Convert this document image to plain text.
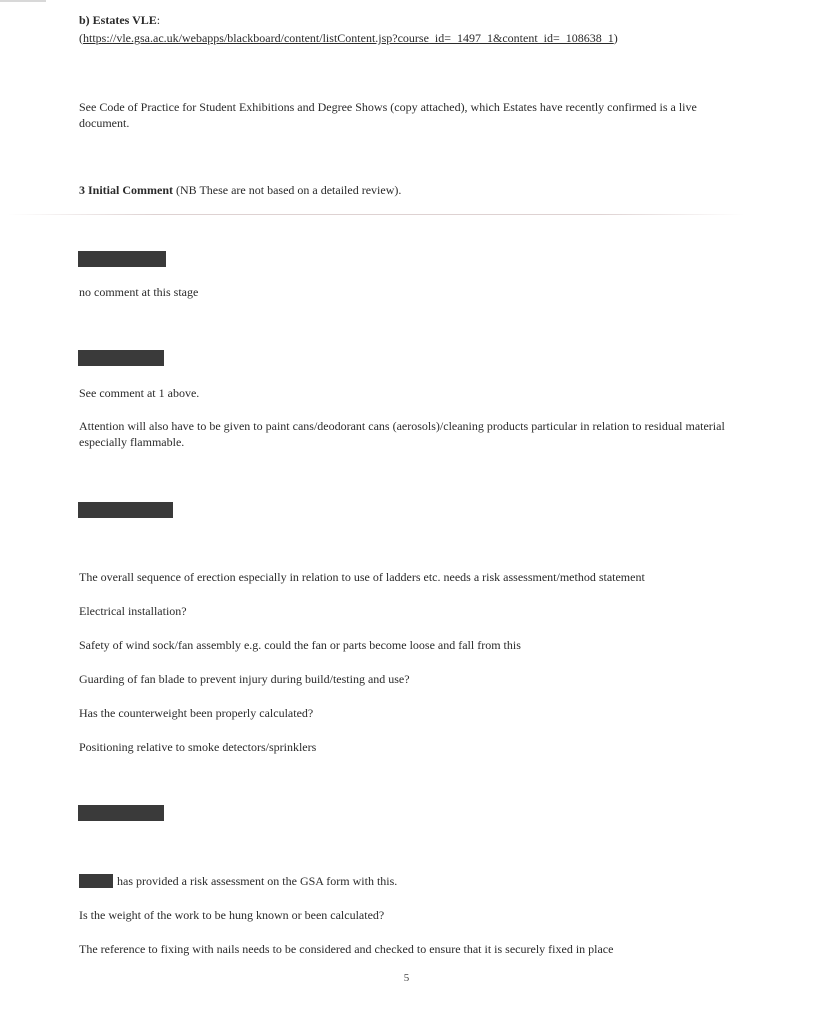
b) Estates VLE:

(https://vle.gsa.ac.uk/webapps/blackboard/content/listContent.jsp?course_id=_1497_1&content_id=_108638_1)

See Code of Practice for Student Exhibitions and Degree Shows (copy attached), which Estates have recently confirmed is a live document.

3 Initial Comment (NB These are not based on a detailed review).

no comment at this stage

See comment at 1 above.

Attention will also have to be given to paint cans/deodorant cans (aerosols)/cleaning products particular in relation to residual material especially flammable.

The overall sequence of erection especially in relation to use of ladders etc. needs a risk assessment/method statement

Electrical installation?

Safety of wind sock/fan assembly e.g. could the fan or parts become loose and fall from this

Guarding of fan blade to prevent injury during build/testing and use?

Has the counterweight been properly calculated?

Positioning relative to smoke detectors/sprinklers

has provided a risk assessment on the GSA form with this.

Is the weight of the work to be hung known or been calculated?

The reference to fixing with nails needs to be considered and checked to ensure that it is securely fixed in place

5
